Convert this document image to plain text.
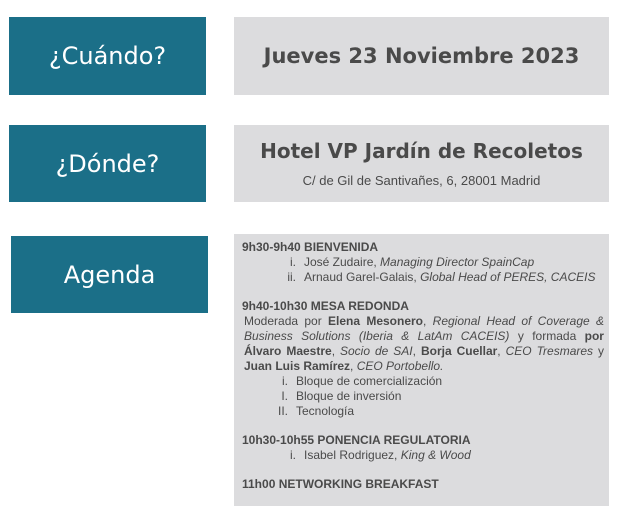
¿Cuándo?	Jueves 23 Noviembre 2023
¿Dónde?	Hotel VP Jardín de Recoletos
C/ de Gil de Santivañes, 6, 28001 Madrid
Agenda
9h30-9h40 BIENVENIDA
i. José Zudaire, Managing Director SpainCap
ii. Arnaud Garel-Galais, Global Head of PERES, CACEIS
9h40-10h30 MESA REDONDA

Moderada por Elena Mesonero, Regional Head of Coverage & Business Solutions (Iberia & LatAm CACEIS) y formada por Álvaro Maestre, Socio de SAI, Borja Cuellar, CEO Tresmares y Juan Luis Ramírez, CEO Portobello.

i. Bloque de comercialización
I. Bloque de inversión
II. Tecnología
10h30-10h55 PONENCIA REGULATORIA
i. Isabel Rodriguez, King & Wood
11h00 NETWORKING BREAKFAST
